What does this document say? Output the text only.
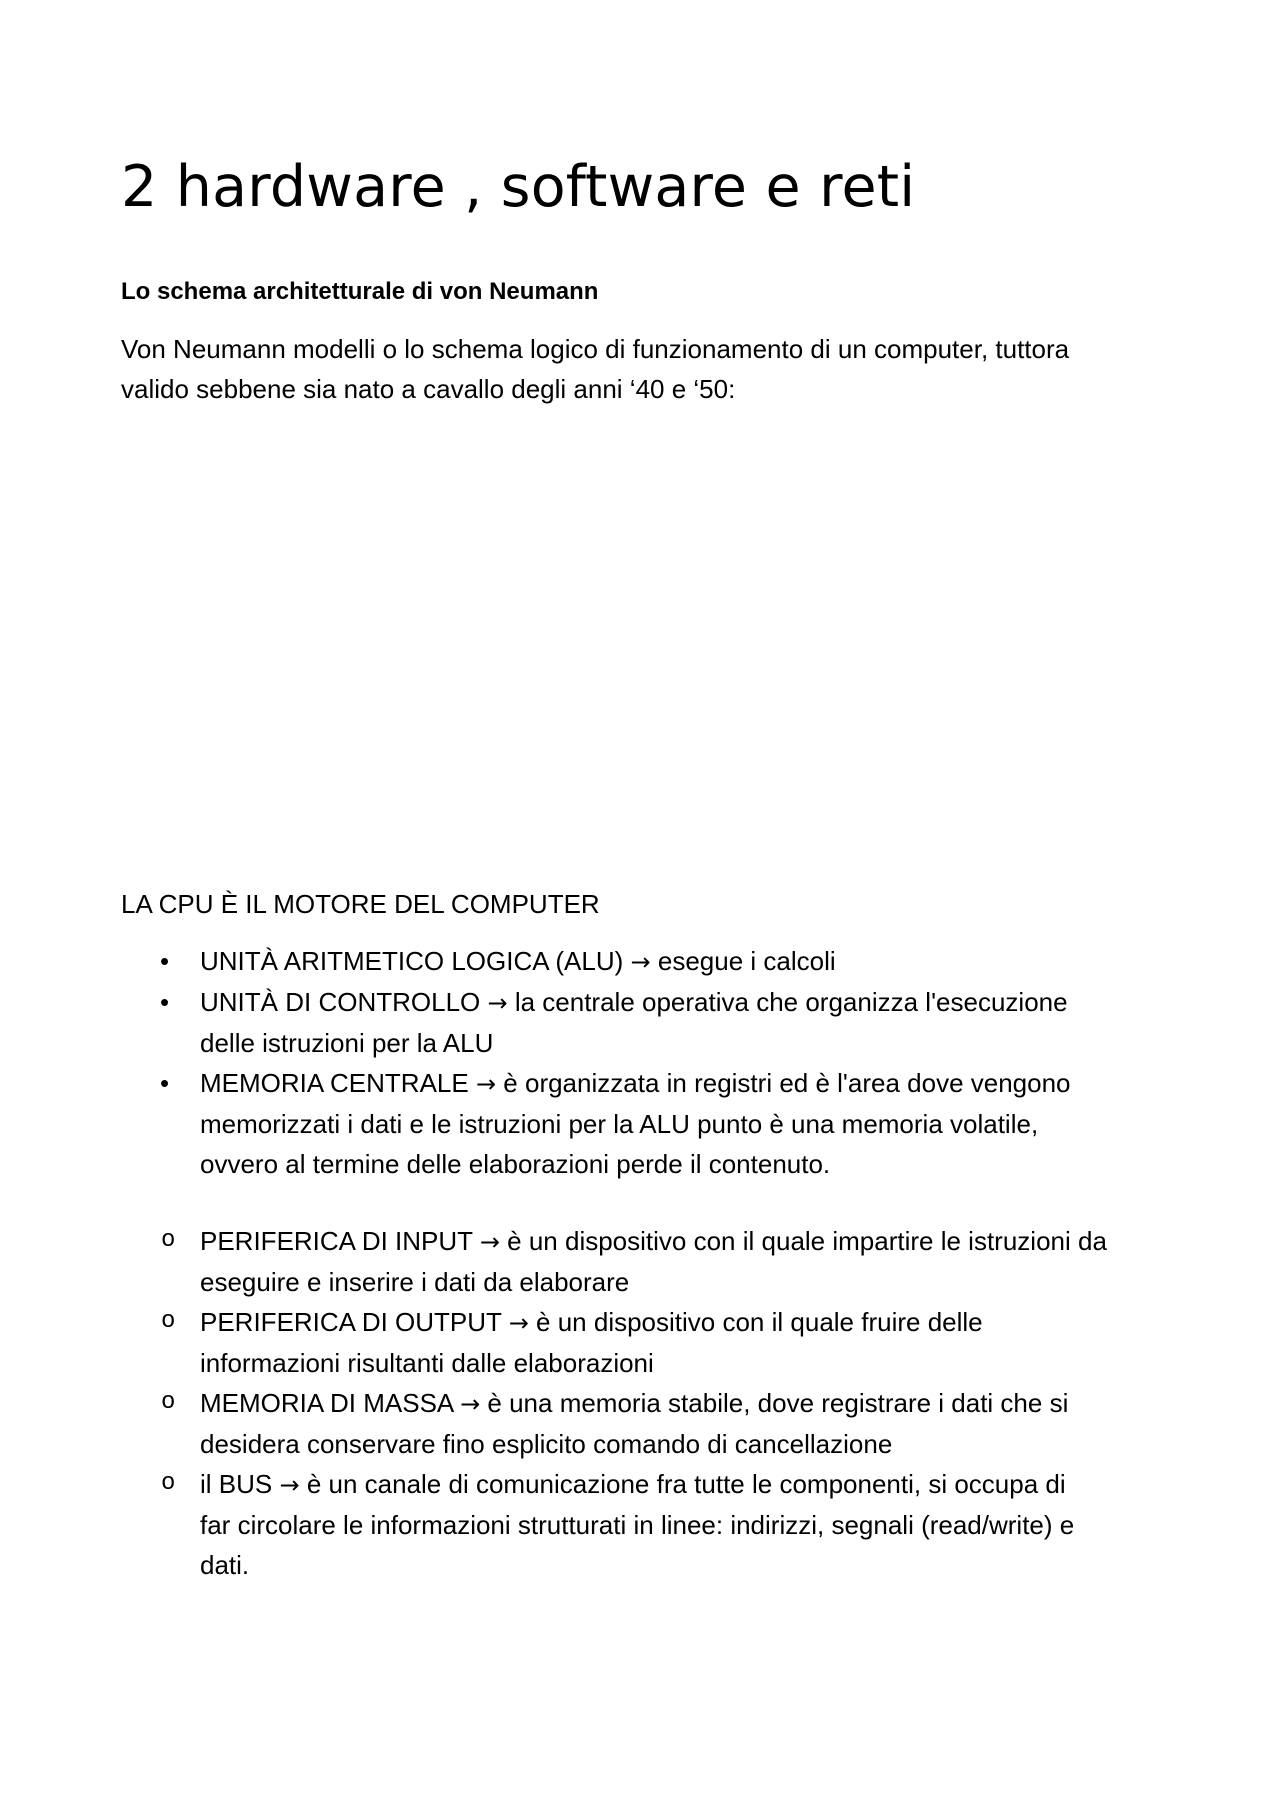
2 hardware , software e reti
Lo schema architetturale di von Neumann

Von Neumann modelli o lo schema logico di funzionamento di un computer, tuttora
valido sebbene sia nato a cavallo degli anni ‘40 e ‘50:

LA CPU È IL MOTORE DEL COMPUTER

• UNITÀ ARITMETICO LOGICA (ALU) → esegue i calcoli
• UNITÀ DI CONTROLLO → la centrale operativa che organizza l'esecuzione
delle istruzioni per la ALU
• MEMORIA CENTRALE → è organizzata in registri ed è l'area dove vengono
memorizzati i dati e le istruzioni per la ALU punto è una memoria volatile,
ovvero al termine delle elaborazioni perde il contenuto.
o PERIFERICA DI INPUT → è un dispositivo con il quale impartire le istruzioni da
eseguire e inserire i dati da elaborare
o PERIFERICA DI OUTPUT → è un dispositivo con il quale fruire delle
informazioni risultanti dalle elaborazioni
o MEMORIA DI MASSA → è una memoria stabile, dove registrare i dati che si
desidera conservare fino esplicito comando di cancellazione
o il BUS → è un canale di comunicazione fra tutte le componenti, si occupa di
far circolare le informazioni strutturati in linee: indirizzi, segnali (read/write) e
dati.
